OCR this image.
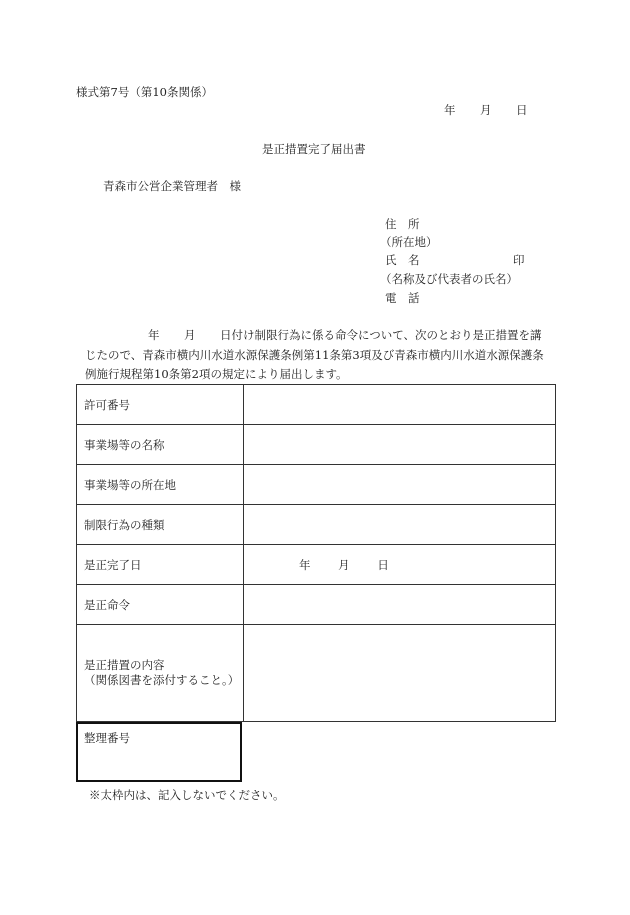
様式第7号（第10条関係）
年 月 日
是正措置完了届出書
青森市公営企業管理者　様
住　所
（所在地）
氏　名	印
（名称及び代表者の氏名）
電　話
年 月 日付け制限行為に係る命令について、次のとおり是正措置を講
じたので、青森市横内川水道水源保護条例第11条第3項及び青森市横内川水道水源保護条
例施行規程第10条第2項の規定により届出します。
許可番号	
事業場等の名称	
事業場等の所在地	
制限行為の種類	
是正完了日	年 月 日
是正命令	

是正措置の内容
（関係図書を添付すること。）	

整理番号
※太枠内は、記入しないでください。
